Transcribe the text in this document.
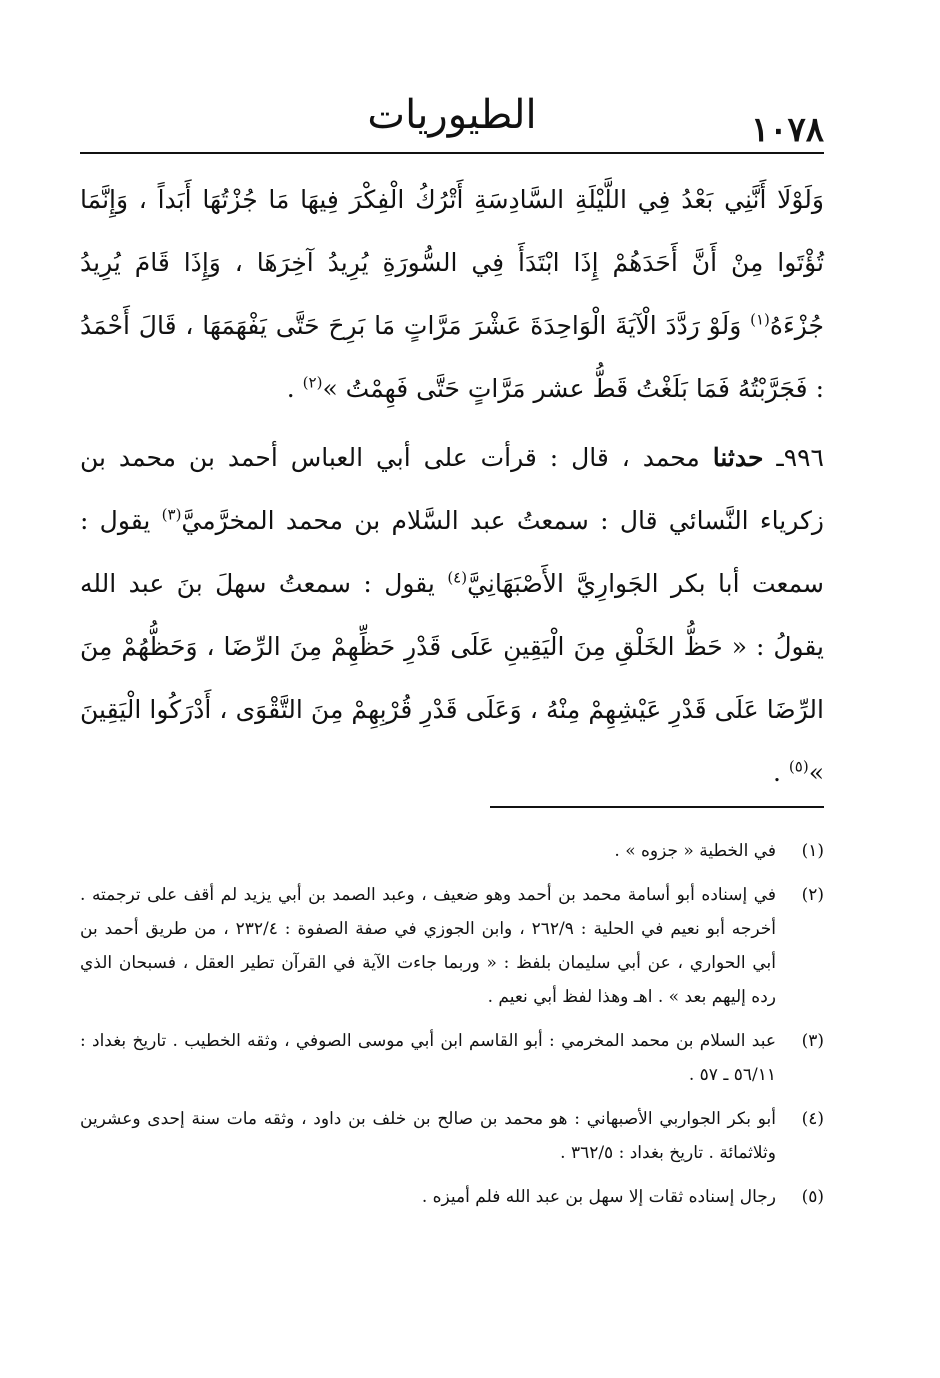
١٠٧٨
الطيوريات

وَلَوْلَا أَنَّنِي بَعْدُ فِي اللَّيْلَةِ السَّادِسَةِ أَتْرُكُ الْفِكْرَ فِيهَا مَا جُزْتُهَا أَبَداً ، وَإِنَّمَا تُؤْتَوا مِنْ أَنَّ أَحَدَهُمْ إِذَا ابْتَدَأَ فِي السُّورَةِ يُرِيدُ آخِرَهَا ، وَإِذَا قَامَ يُرِيدُ جُزْءَهُ$^{(١)}$ وَلَوْ رَدَّدَ الْآيَةَ الْوَاحِدَةَ عَشْرَ مَرَّاتٍ مَا بَرِحَ حَتَّى يَفْهَمَهَا ، قَالَ أَحْمَدُ : فَجَرَّبْتُهُ فَمَا بَلَغْتُ قَطُّ عشر مَرَّاتٍ حَتَّى فَهِمْتُ »$^{(٢)}$ .

٩٩٦ـ حدثنا محمد ، قال : قرأت على أبي العباس أحمد بن محمد بن زكرياء النَّسائي قال : سمعتُ عبد السَّلام بن محمد المخرَّميَّ$^{(٣)}$ يقول : سمعت أبا بكر الجَوارِيَّ الأَصْبَهَانِيَّ$^{(٤)}$ يقول : سمعتُ سهلَ بنَ عبد الله يقولُ : « حَظُّ الخَلْقِ مِنَ الْيَقِينِ عَلَى قَدْرِ حَظِّهِمْ مِنَ الرِّضَا ، وَحَظُّهُمْ مِنَ الرِّضَا عَلَى قَدْرِ عَيْشِهِمْ مِنْهُ ، وَعَلَى قَدْرِ قُرْبِهِمْ مِنَ التَّقْوَى ، أَدْرَكُوا الْيَقِينَ »$^{(٥)}$ .

(١)
في الخطية « جزوه » .
(٢)
في إسناده أبو أسامة محمد بن أحمد وهو ضعيف ، وعبد الصمد بن أبي يزيد لم أقف على ترجمته . أخرجه أبو نعيم في الحلية : ٢٦٢/٩ ، وابن الجوزي في صفة الصفوة : ٢٣٢/٤ ، من طريق أحمد بن أبي الحواري ، عن أبي سليمان بلفظ : « وربما جاءت الآية في القرآن تطير العقل ، فسبحان الذي رده إليهم بعد » . اهـ وهذا لفظ أبي نعيم .
(٣)
عبد السلام بن محمد المخرمي : أبو القاسم ابن أبي موسى الصوفي ، وثقه الخطيب . تاريخ بغداد : ٥٦/١١ ـ ٥٧ .
(٤)
أبو بكر الجواربي الأصبهاني : هو محمد بن صالح بن خلف بن داود ، وثقه مات سنة إحدى وعشرين وثلاثمائة . تاريخ بغداد : ٣٦٢/٥ .
(٥)
رجال إسناده ثقات إلا سهل بن عبد الله فلم أميزه .
